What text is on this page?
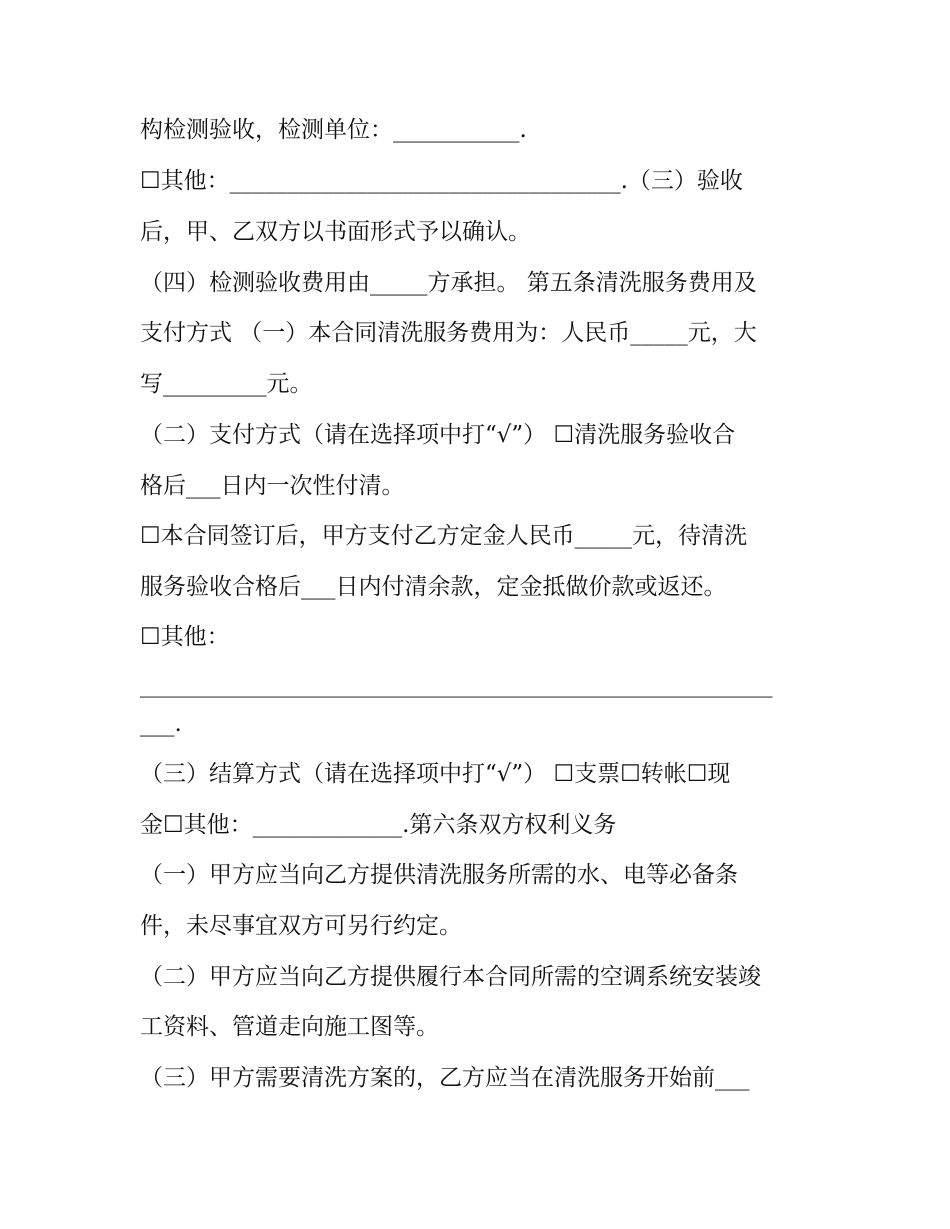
构检测验收，检测单位：___________.
☐其他：__________________________________.（三）验收
后，甲、乙双方以书面形式予以确认。
（四）检测验收费用由_____方承担。 第五条清洗服务费用及
支付方式 （一）本合同清洗服务费用为：人民币_____元，大
写_________元。
（二）支付方式（请在选择项中打“√”） ☐清洗服务验收合
格后___日内一次性付清。
☐本合同签订后，甲方支付乙方定金人民币_____元，待清洗
服务验收合格后___日内付清余款，定金抵做价款或返还。
☐其他：
_______________________________________________________
___.
（三）结算方式（请在选择项中打“√”） ☐支票☐转帐☐现
金☐其他：_____________.第六条双方权利义务
（一）甲方应当向乙方提供清洗服务所需的水、电等必备条
件，未尽事宜双方可另行约定。
（二）甲方应当向乙方提供履行本合同所需的空调系统安装竣
工资料、管道走向施工图等。
（三）甲方需要清洗方案的，乙方应当在清洗服务开始前___
